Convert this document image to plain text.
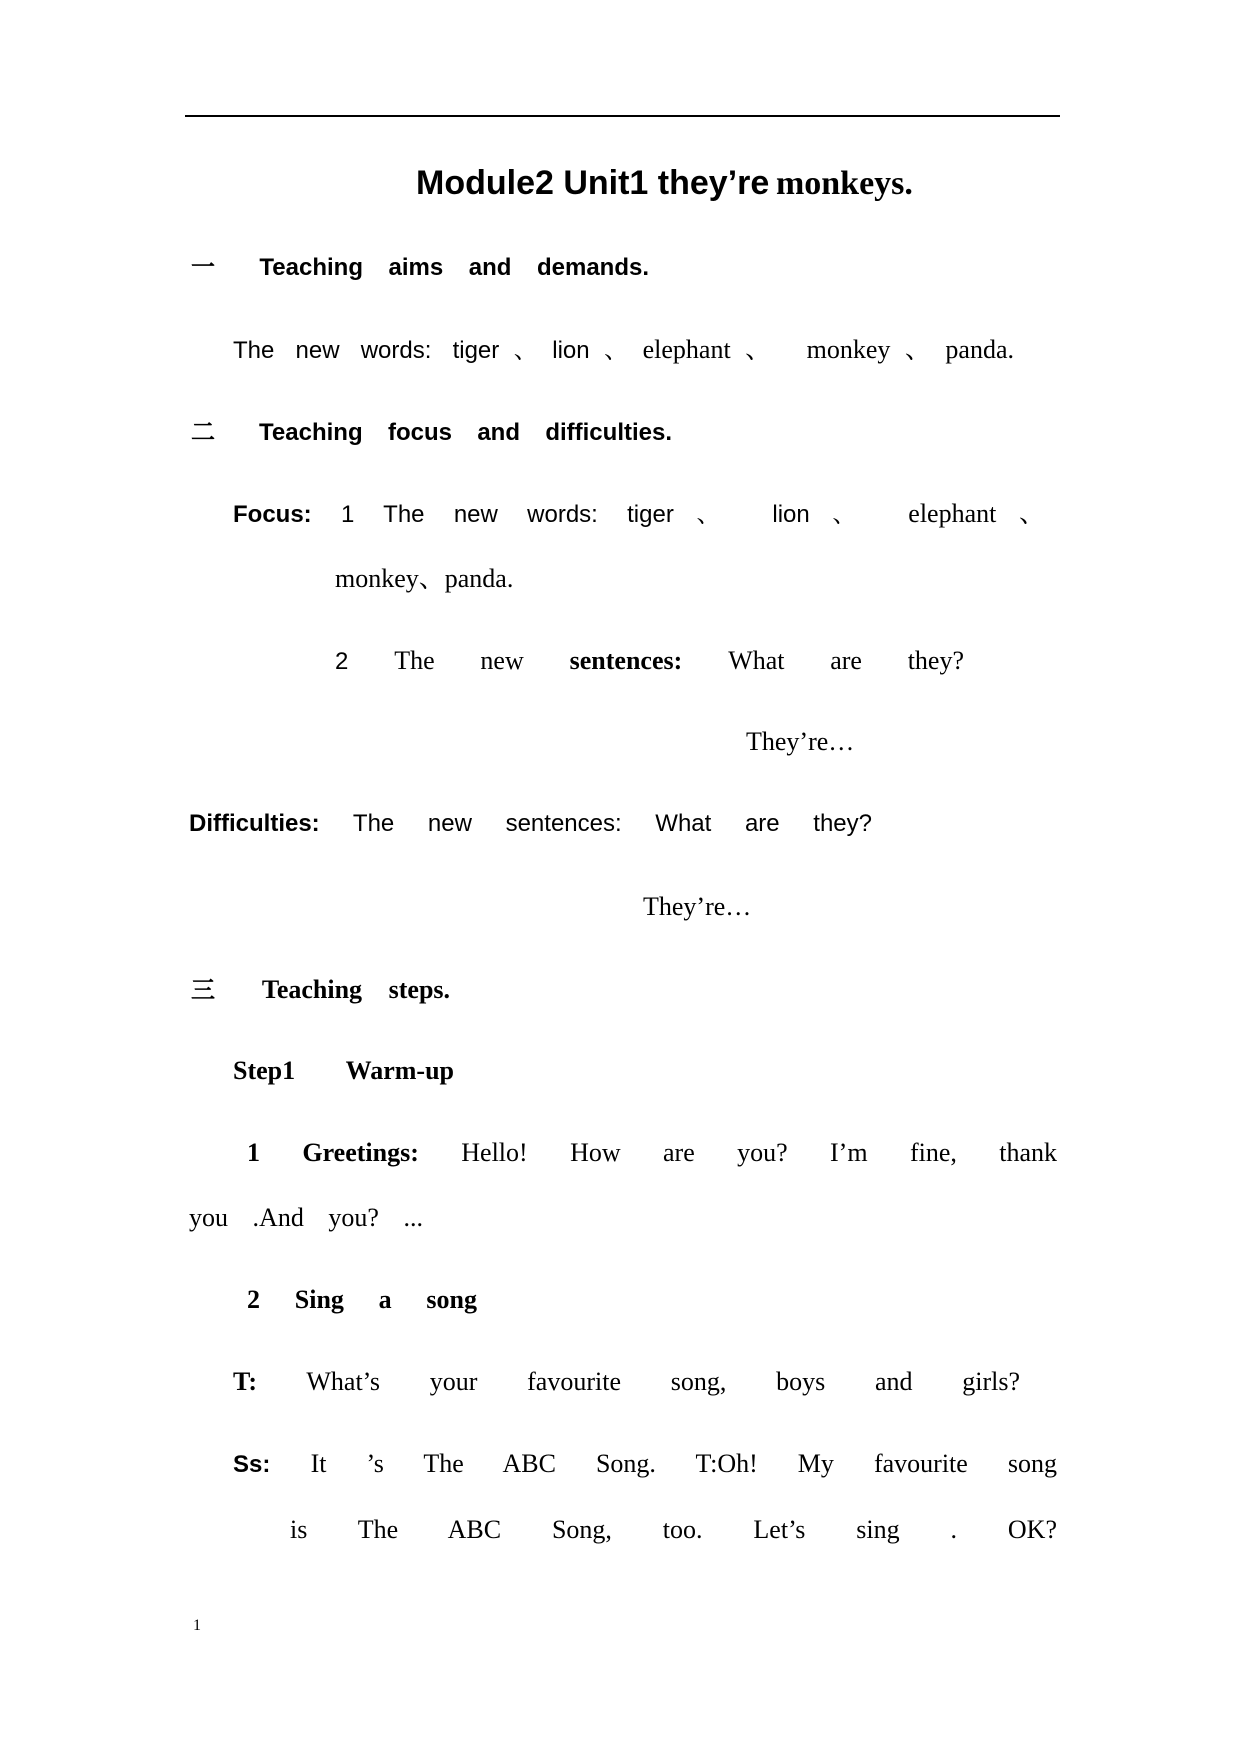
Module2 Unit1 they’re monkeys.
一 Teaching aims and demands.
The new words: tiger、lion、elephant、 monkey、panda.
二 Teaching focus and difficulties.
Focus: 1 The new words: tiger、 lion、 elephant、
monkey、panda.
2 The new sentences: What are they?
They’re…
Difficulties: The new sentences: What are they?
They’re…
三 Teaching steps.
Step1 Warm-up
1 Greetings: Hello! How are you? I’m fine, thank
you .And you? ...
2 Sing a song
T: What’s your favourite song, boys and girls?
Ss: It ’s The ABC Song. T:Oh! My favourite song
is The ABC Song, too. Let’s sing . OK?
1
